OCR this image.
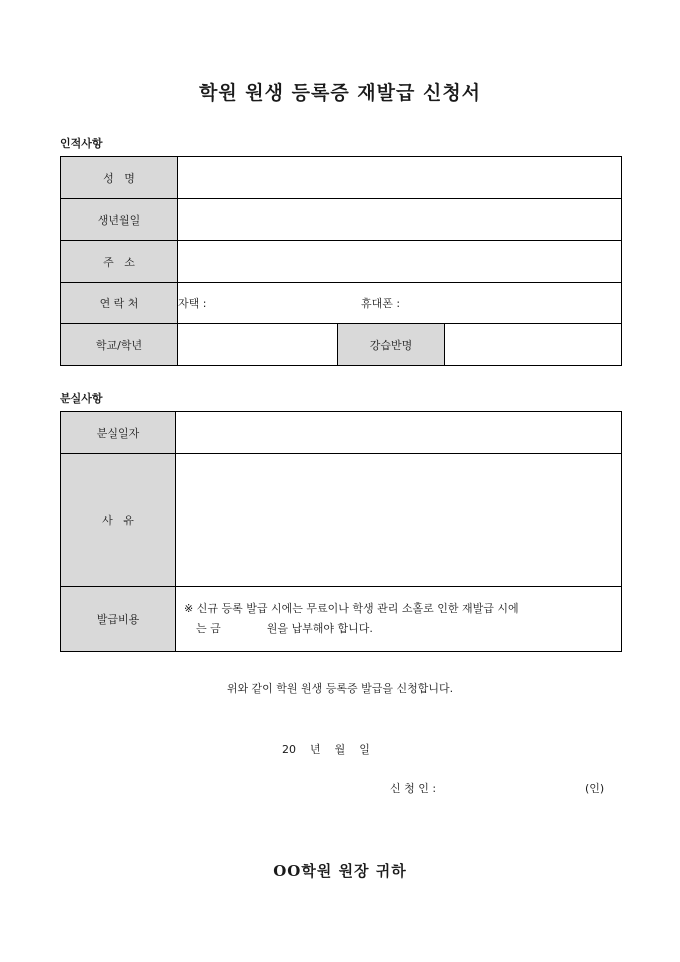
학원 원생 등록증 재발급 신청서
인적사항
성   명			
생년월일			
주   소			
연 락 처	자택 : 휴대폰 :		

학교/학년		강습반명	
분실사항
분실일자	
사   유	
발급비용	※ 신규 등록 발급 시에는 무료이나 학생 관리 소홀로 인한 재발급 시에
는 금 원을 납부해야 합니다.
위와 같이 학원 원생 등록증 발급을 신청합니다.
20    년    월    일
신 청 인 :	(인)
OO학원 원장 귀하
